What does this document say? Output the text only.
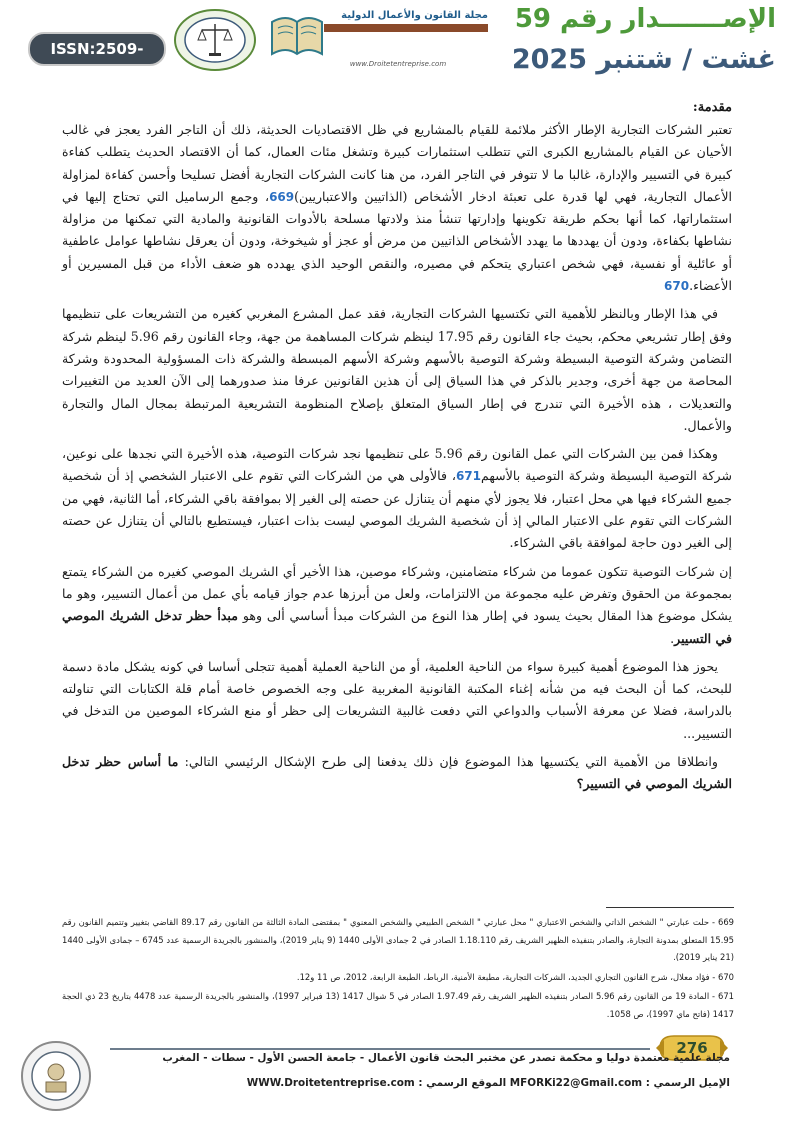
ISSN:2509-0291
مجلة القانون والأعمال الدولية
www.Droitetentreprise.com
الإصـــــــدار رقم 59
غشت / شتنبر 2025
مقدمة:

تعتبر الشركات التجارية الإطار الأكثر ملائمة للقيام بالمشاريع في ظل الاقتصاديات الحديثة، ذلك أن التاجر الفرد يعجز في غالب الأحيان عن القيام بالمشاريع الكبرى التي تتطلب استثمارات كبيرة وتشغل مئات العمال، كما أن الاقتصاد الحديث يتطلب كفاءة كبيرة في التسيير والإدارة، غالبا ما لا تتوفر في التاجر الفرد، من هنا كانت الشركات التجارية أفضل تسليحا وأحسن كفاءة لمزاولة الأعمال التجارية، فهي لها قدرة على تعبئة ادخار الأشخاص (الذاتيين والاعتباريين)669، وجمع الرساميل التي تحتاج إليها في استثماراتها، كما أنها بحكم طريقة تكوينها وإدارتها تنشأ منذ ولادتها مسلحة بالأدوات القانونية والمادية التي تمكنها من مزاولة نشاطها بكفاءة، ودون أن يهددها ما يهدد الأشخاص الذاتيين من مرض أو عجز أو شيخوخة، ودون أن يعرقل نشاطها عوامل عاطفية أو عائلية أو نفسية، فهي شخص اعتباري يتحكم في مصيره، والنقص الوحيد الذي يهدده هو ضعف الأداء من قبل المسيرين أو الأعضاء.670

في هذا الإطار وبالنظر للأهمية التي تكتسيها الشركات التجارية، فقد عمل المشرع المغربي كغيره من التشريعات على تنظيمها وفق إطار تشريعي محكم، بحيث جاء القانون رقم 17.95 لينظم شركات المساهمة من جهة، وجاء القانون رقم 5.96 لينظم شركة التضامن وشركة التوصية البسيطة وشركة التوصية بالأسهم وشركة الأسهم المبسطة والشركة ذات المسؤولية المحدودة وشركة المحاصة من جهة أخرى، وجدير بالذكر في هذا السياق إلى أن هذين القانونين عرفا منذ صدورهما إلى الآن العديد من التغييرات والتعديلات ، هذه الأخيرة التي تندرج في إطار السياق المتعلق بإصلاح المنظومة التشريعية المرتبطة بمجال المال والتجارة والأعمال.

وهكذا فمن بين الشركات التي عمل القانون رقم 5.96 على تنظيمها نجد شركات التوصية، هذه الأخيرة التي نجدها على نوعين، شركة التوصية البسيطة وشركة التوصية بالأسهم671، فالأولى هي من الشركات التي تقوم على الاعتبار الشخصي إذ أن شخصية جميع الشركاء فيها هي محل اعتبار، فلا يجوز لأي منهم أن يتنازل عن حصته إلى الغير إلا بموافقة باقي الشركاء، أما الثانية، فهي من الشركات التي تقوم على الاعتبار المالي إذ أن شخصية الشريك الموصي ليست بذات اعتبار، فيستطيع بالتالي أن يتنازل عن حصته إلى الغير دون حاجة لموافقة باقي الشركاء.

إن شركات التوصية تتكون عموما من شركاء متضامنين، وشركاء موصين، هذا الأخير أي الشريك الموصي كغيره من الشركاء يتمتع بمجموعة من الحقوق وتفرض عليه مجموعة من الالتزامات، ولعل من أبرزها عدم جواز قيامه بأي عمل من أعمال التسيير، وهو ما يشكل موضوع هذا المقال بحيث يسود في إطار هذا النوع من الشركات مبدأ أساسي ألى وهو مبدأ حظر تدخل الشريك الموصي في التسيير.

يحوز هذا الموضوع أهمية كبيرة سواء من الناحية العلمية، أو من الناحية العملية أهمية تتجلى أساسا في كونه يشكل مادة دسمة للبحث، كما أن البحث فيه من شأنه إغناء المكتبة القانونية المغربية على وجه الخصوص خاصة أمام قلة الكتابات التي تناولته بالدراسة، فضلا عن معرفة الأسباب والدواعي التي دفعت غالبية التشريعات إلى حظر أو منع الشركاء الموصين من التدخل في التسيير...

وانطلاقا من الأهمية التي يكتسيها هذا الموضوع فإن ذلك يدفعنا إلى طرح الإشكال الرئيسي التالي: ما أساس حظر تدخل الشريك الموصي في التسيير؟

669 - حلت عبارتي " الشخص الذاتي والشخص الاعتباري " محل عبارتي " الشخص الطبيعي والشخص المعنوي " بمقتضى المادة الثالثة من القانون رقم 89.17 القاضي بتغيير وتتميم القانون رقم 15.95 المتعلق بمدونة التجارة، والصادر بتنفيذه الظهير الشريف رقم 1.18.110 الصادر في 2 جمادى الأولى 1440 (9 يناير 2019)، والمنشور بالجريدة الرسمية عدد 6745 – جمادى الأولى 1440 (21 يناير 2019).
670 - فؤاد معلال، شرح القانون التجاري الجديد، الشركات التجارية، مطبعة الأمنية، الرباط، الطبعة الرابعة، 2012، ص 11 و12.
671 - المادة 19 من القانون رقم 5.96 الصادر بتنفيذه الظهير الشريف رقم 1.97.49 الصادر في 5 شوال 1417 (13 فبراير 1997)، والمنشور بالجريدة الرسمية عدد 4478 بتاريخ 23 ذي الحجة 1417 (فاتح ماي 1997)، ص 1058.
276
مجلة علمية معتمدة دوليا و محكمة تصدر عن مختبر البحث قانون الأعمال - جامعة الحسن الأول - سطات - المغرب
الإميل الرسمي : MFORKi22@Gmail.com الموقع الرسمي : WWW.Droitetentreprise.com
